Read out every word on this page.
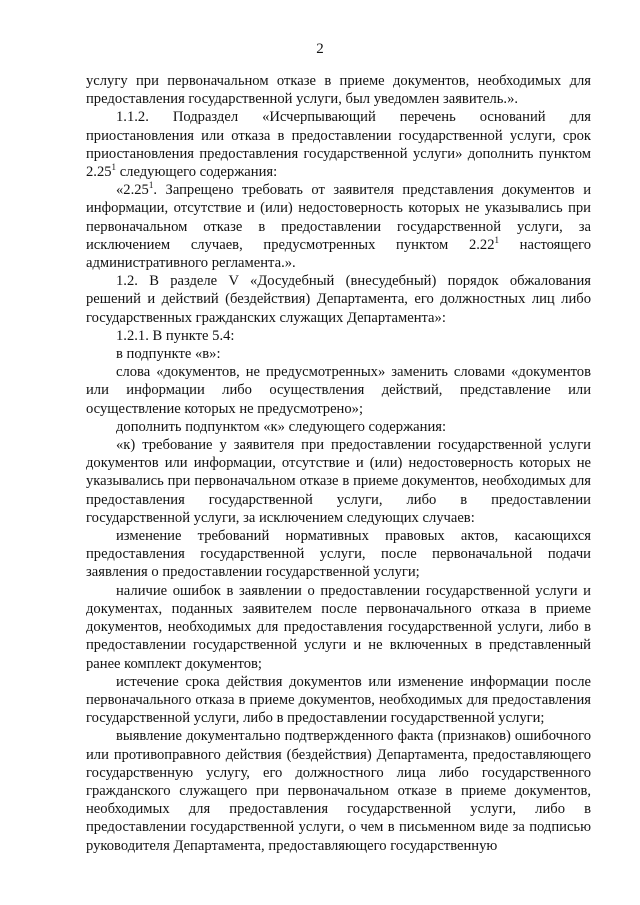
2

услугу при первоначальном отказе в приеме документов, необходимых для предоставления государственной услуги, был уведомлен заявитель.».

1.1.2. Подраздел «Исчерпывающий перечень оснований для приостановления или отказа в предоставлении государственной услуги, срок приостановления предоставления государственной услуги» дополнить пунктом 2.25$^1$ следующего содержания:

«2.25$^1$. Запрещено требовать от заявителя представления документов и информации, отсутствие и (или) недостоверность которых не указывались при первоначальном отказе в предоставлении государственной услуги, за исключением случаев, предусмотренных пунктом 2.22$^1$ настоящего административного регламента.».

1.2. В разделе V «Досудебный (внесудебный) порядок обжалования решений и действий (бездействия) Департамента, его должностных лиц либо государственных гражданских служащих Департамента»:

1.2.1. В пункте 5.4:

в подпункте «в»:

слова «документов, не предусмотренных» заменить словами «документов или информации либо осуществления действий, представление или осуществление которых не предусмотрено»;

дополнить подпунктом «к» следующего содержания:

«к) требование у заявителя при предоставлении государственной услуги документов или информации, отсутствие и (или) недостоверность которых не указывались при первоначальном отказе в приеме документов, необходимых для предоставления государственной услуги, либо в предоставлении государственной услуги, за исключением следующих случаев:

изменение требований нормативных правовых актов, касающихся предоставления государственной услуги, после первоначальной подачи заявления о предоставлении государственной услуги;

наличие ошибок в заявлении о предоставлении государственной услуги и документах, поданных заявителем после первоначального отказа в приеме документов, необходимых для предоставления государственной услуги, либо в предоставлении государственной услуги и не включенных в представленный ранее комплект документов;

истечение срока действия документов или изменение информации после первоначального отказа в приеме документов, необходимых для предоставления государственной услуги, либо в предоставлении государственной услуги;

выявление документально подтвержденного факта (признаков) ошибочного или противоправного действия (бездействия) Департамента, предоставляющего государственную услугу, его должностного лица либо государственного гражданского служащего при первоначальном отказе в приеме документов, необходимых для предоставления государственной услуги, либо в предоставлении государственной услуги, о чем в письменном виде за подписью руководителя Департамента, предоставляющего государственную
